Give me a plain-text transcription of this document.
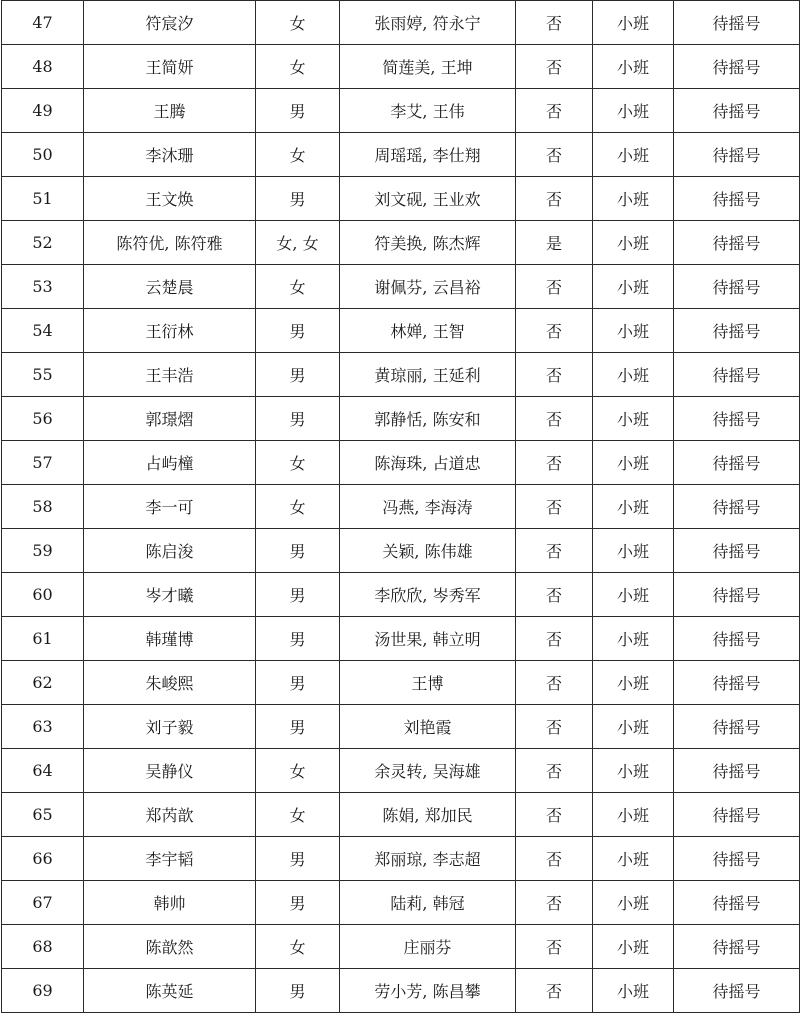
47	符宸汐	女	张雨婷, 符永宁	否	小班	待摇号
48	王简妍	女	简莲美, 王坤	否	小班	待摇号
49	王腾	男	李艾, 王伟	否	小班	待摇号
50	李沐珊	女	周瑶瑶, 李仕翔	否	小班	待摇号
51	王文焕	男	刘文砚, 王业欢	否	小班	待摇号
52	陈符优, 陈符雅	女, 女	符美换, 陈杰辉	是	小班	待摇号
53	云楚晨	女	谢佩芬, 云昌裕	否	小班	待摇号
54	王衍林	男	林婵, 王智	否	小班	待摇号
55	王丰浩	男	黄琼丽, 王延利	否	小班	待摇号
56	郭璟熠	男	郭静恬, 陈安和	否	小班	待摇号
57	占屿橦	女	陈海珠, 占道忠	否	小班	待摇号
58	李一可	女	冯燕, 李海涛	否	小班	待摇号
59	陈启浚	男	关颖, 陈伟雄	否	小班	待摇号
60	岑才曦	男	李欣欣, 岑秀军	否	小班	待摇号
61	韩瑾博	男	汤世果, 韩立明	否	小班	待摇号
62	朱峻熙	男	王博	否	小班	待摇号
63	刘子毅	男	刘艳霞	否	小班	待摇号
64	吴静仪	女	余灵转, 吴海雄	否	小班	待摇号
65	郑芮歆	女	陈娟, 郑加民	否	小班	待摇号
66	李宇韬	男	郑丽琼, 李志超	否	小班	待摇号
67	韩帅	男	陆莉, 韩冠	否	小班	待摇号
68	陈歆然	女	庄丽芬	否	小班	待摇号
69	陈英延	男	劳小芳, 陈昌攀	否	小班	待摇号
